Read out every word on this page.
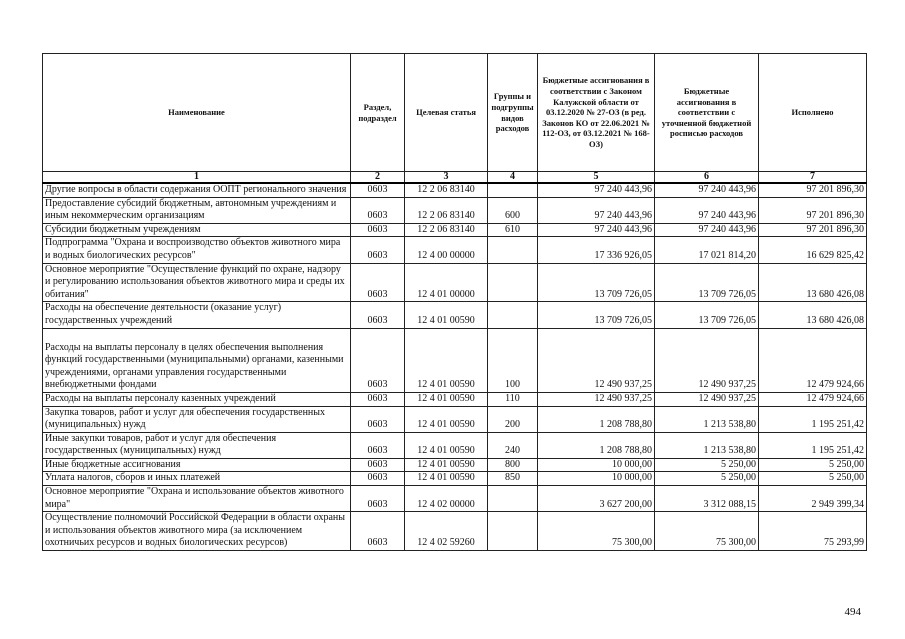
Наименование	Раздел, подраздел	Целевая статья	Группы и подгруппы видов расходов	Бюджетные ассигнования в соответствии с Законом Калужской области от 03.12.2020 № 27-ОЗ (в ред. Законов КО от 22.06.2021 № 112-ОЗ, от 03.12.2021 № 168-ОЗ)	Бюджетные ассигнования в соответствии с уточненной бюджетной росписью расходов	Исполнено
1	2	3	4	5	6	7
Другие вопросы в области содержания ООПТ регионального значения	0603	12 2 06 83140		97 240 443,96	97 240 443,96	97 201 896,30
Предоставление субсидий бюджетным, автономным учреждениям и иным некоммерческим организациям	0603	12 2 06 83140	600	97 240 443,96	97 240 443,96	97 201 896,30
Субсидии бюджетным учреждениям	0603	12 2 06 83140	610	97 240 443,96	97 240 443,96	97 201 896,30
Подпрограмма "Охрана и воспроизводство объектов животного мира и водных биологических ресурсов"	0603	12 4 00 00000		17 336 926,05	17 021 814,20	16 629 825,42
Основное мероприятие "Осуществление функций по охране, надзору и регулированию использования объектов животного мира и среды их обитания"	0603	12 4 01 00000		13 709 726,05	13 709 726,05	13 680 426,08
Расходы на обеспечение деятельности (оказание услуг) государственных учреждений	0603	12 4 01 00590		13 709 726,05	13 709 726,05	13 680 426,08
Расходы на выплаты персоналу в целях обеспечения выполнения функций государственными (муниципальными) органами, казенными учреждениями, органами управления государственными внебюджетными фондами	0603	12 4 01 00590	100	12 490 937,25	12 490 937,25	12 479 924,66
Расходы на выплаты персоналу казенных учреждений	0603	12 4 01 00590	110	12 490 937,25	12 490 937,25	12 479 924,66
Закупка товаров, работ и услуг для обеспечения государственных (муниципальных) нужд	0603	12 4 01 00590	200	1 208 788,80	1 213 538,80	1 195 251,42
Иные закупки товаров, работ и услуг для обеспечения государственных (муниципальных) нужд	0603	12 4 01 00590	240	1 208 788,80	1 213 538,80	1 195 251,42
Иные бюджетные ассигнования	0603	12 4 01 00590	800	10 000,00	5 250,00	5 250,00
Уплата налогов, сборов и иных платежей	0603	12 4 01 00590	850	10 000,00	5 250,00	5 250,00
Основное мероприятие "Охрана и использование объектов животного мира"	0603	12 4 02 00000		3 627 200,00	3 312 088,15	2 949 399,34
Осуществление полномочий Российской Федерации в области охраны и использования объектов животного мира (за исключением охотничьих ресурсов и водных биологических ресурсов)	0603	12 4 02 59260		75 300,00	75 300,00	75 293,99
494
